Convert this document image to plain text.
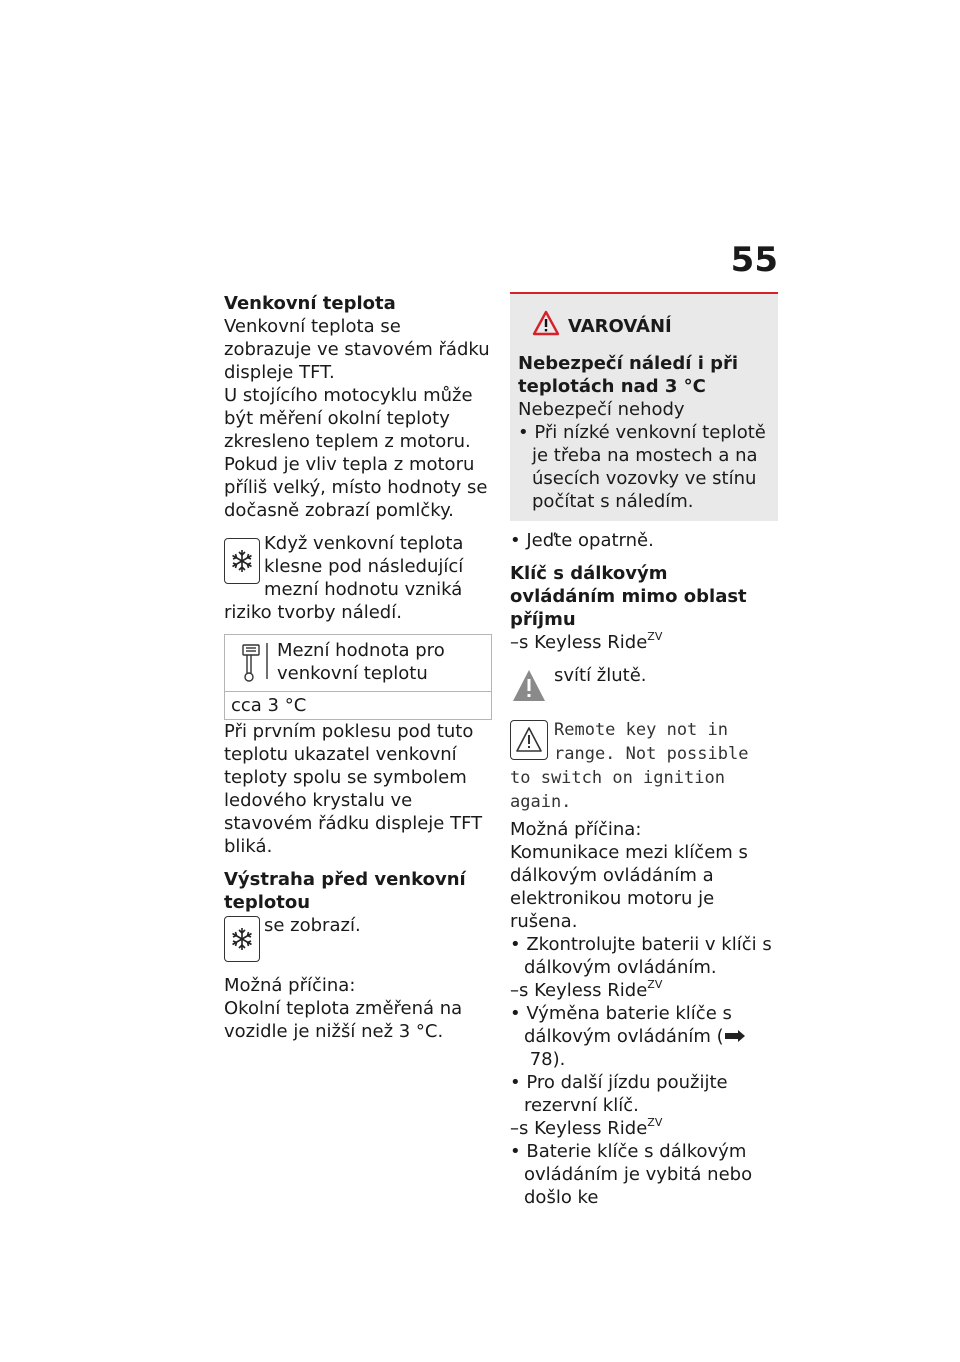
55

Venkovní teplota

Venkovní teplota se zobrazuje ve stavovém řádku displeje TFT.

U stojícího motocyklu může být měření okolní teploty zkresleno teplem z motoru. Pokud je vliv tepla z motoru příliš velký, místo hodnoty se dočasně zobrazí pomlčky.

Když venkovní teplota klesne pod následující mezní hodnotu vzniká riziko tvorby náledí.
Mezní hodnota pro venkovní teplotu
cca 3 °C

Při prvním poklesu pod tuto teplotu ukazatel venkovní teploty spolu se symbolem ledového krystalu ve stavovém řádku displeje TFT bliká.

Výstraha před venkovní teplotou

se zobrazí.

Možná příčina:

Okolní teplota změřená na vozidle je nižší než 3 °C.

VAROVÁNÍ

Nebezpečí náledí i při teplotách nad 3 °C

Nebezpečí nehody

• Při nízké venkovní teplotě je třeba na mostech a na úsecích vozovky ve stínu počítat s náledím.
• Jeďte opatrně.

Klíč s dálkovým ovládáním mimo oblast příjmu

–s Keyless Ride$^{ZV}$

svítí žlutě.
Remote key not in range. Not possible to switch on ignition again.

Možná příčina:

Komunikace mezi klíčem s dálkovým ovládáním a elektronikou motoru je rušena.

• Zkontrolujte baterii v klíči s dálkovým ovládáním.

–s Keyless Ride$^{ZV}$

• Výměna baterie klíče s dálkovým ovládáním ( 78).
• Pro další jízdu použijte rezervní klíč.

–s Keyless Ride$^{ZV}$

• Baterie klíče s dálkovým ovládáním je vybitá nebo došlo ke
